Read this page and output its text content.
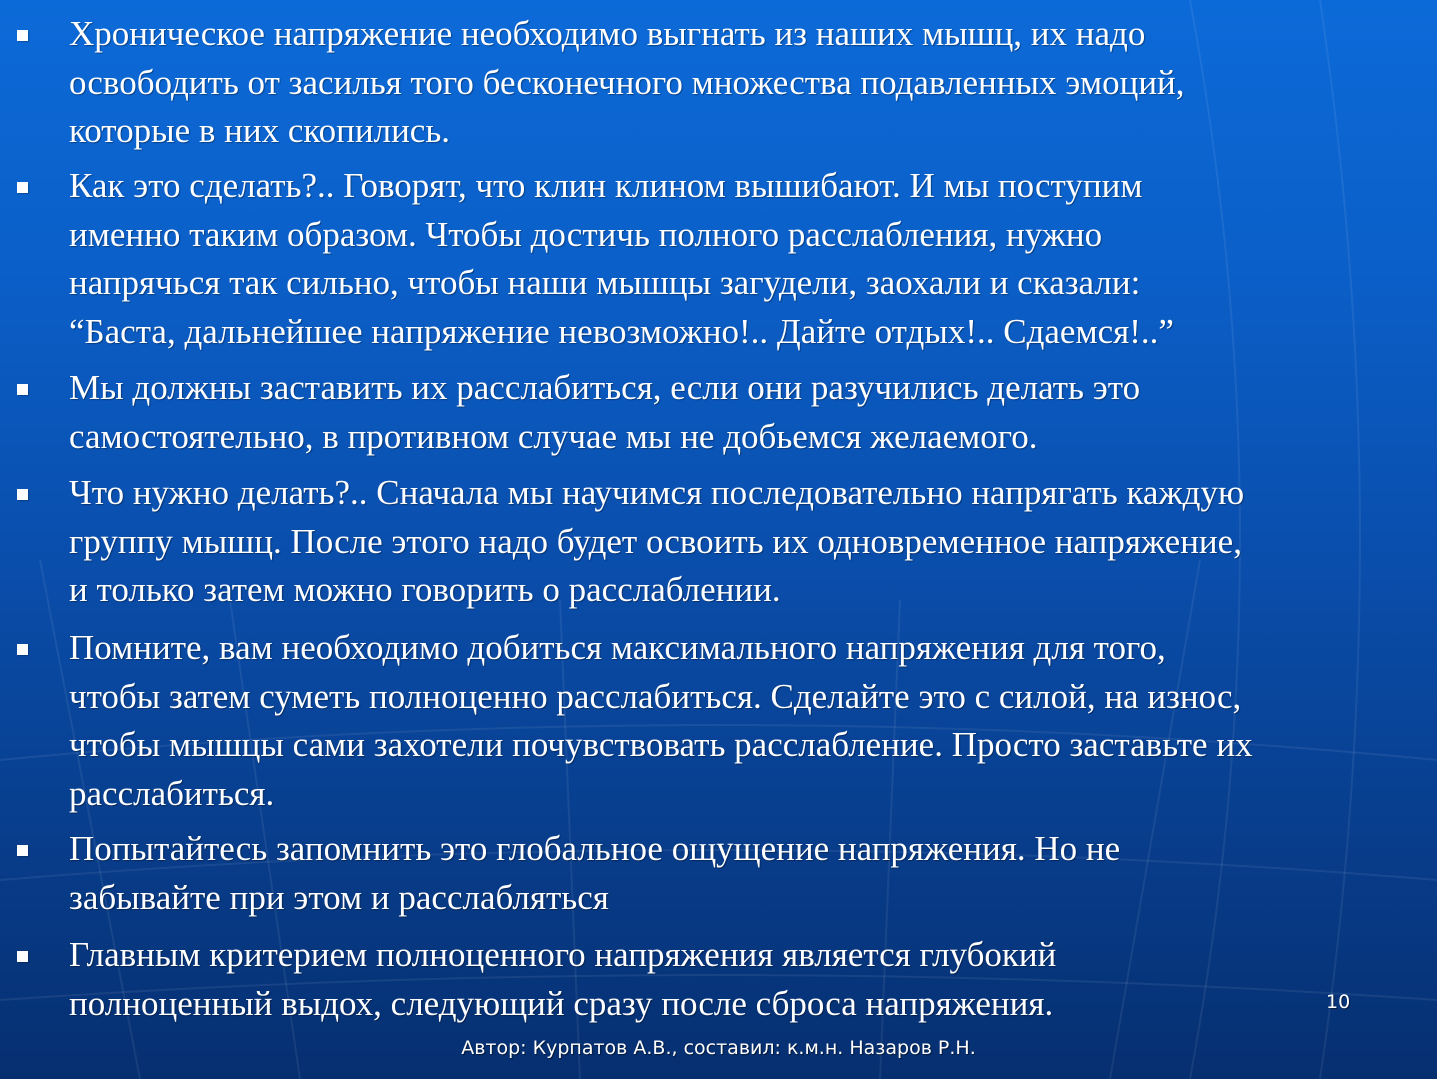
Хроническое напряжение необходимо выгнать из наших мышц, их надо
освободить от засилья того бесконечного множества подавленных эмоций,
которые в них скопились.

Как это сделать?.. Говорят, что клин клином вышибают. И мы поступим
именно таким образом. Чтобы достичь полного расслабления, нужно
напрячься так сильно, чтобы наши мышцы загудели, заохали и сказали:
“Баста, дальнейшее напряжение невозможно!.. Дайте отдых!.. Сдаемся!..”

Мы должны заставить их расслабиться, если они разучились делать это
самостоятельно, в противном случае мы не добьемся желаемого.

Что нужно делать?.. Сначала мы научимся последовательно напрягать каждую
группу мышц. После этого надо будет освоить их одновременное напряжение,
и только затем можно говорить о расслаблении.

Помните, вам необходимо добиться максимального напряжения для того,
чтобы затем суметь полноценно расслабиться. Сделайте это с силой, на износ,
чтобы мышцы сами захотели почувствовать расслабление. Просто заставьте их
расслабиться.

Попытайтесь запомнить это глобальное ощущение напряжения. Но не
забывайте при этом и расслабляться

Главным критерием полноценного напряжения является глубокий
полноценный выдох, следующий сразу после сброса напряжения.	10
Автор: Курпатов А.В., составил: к.м.н. Назаров Р.Н.
